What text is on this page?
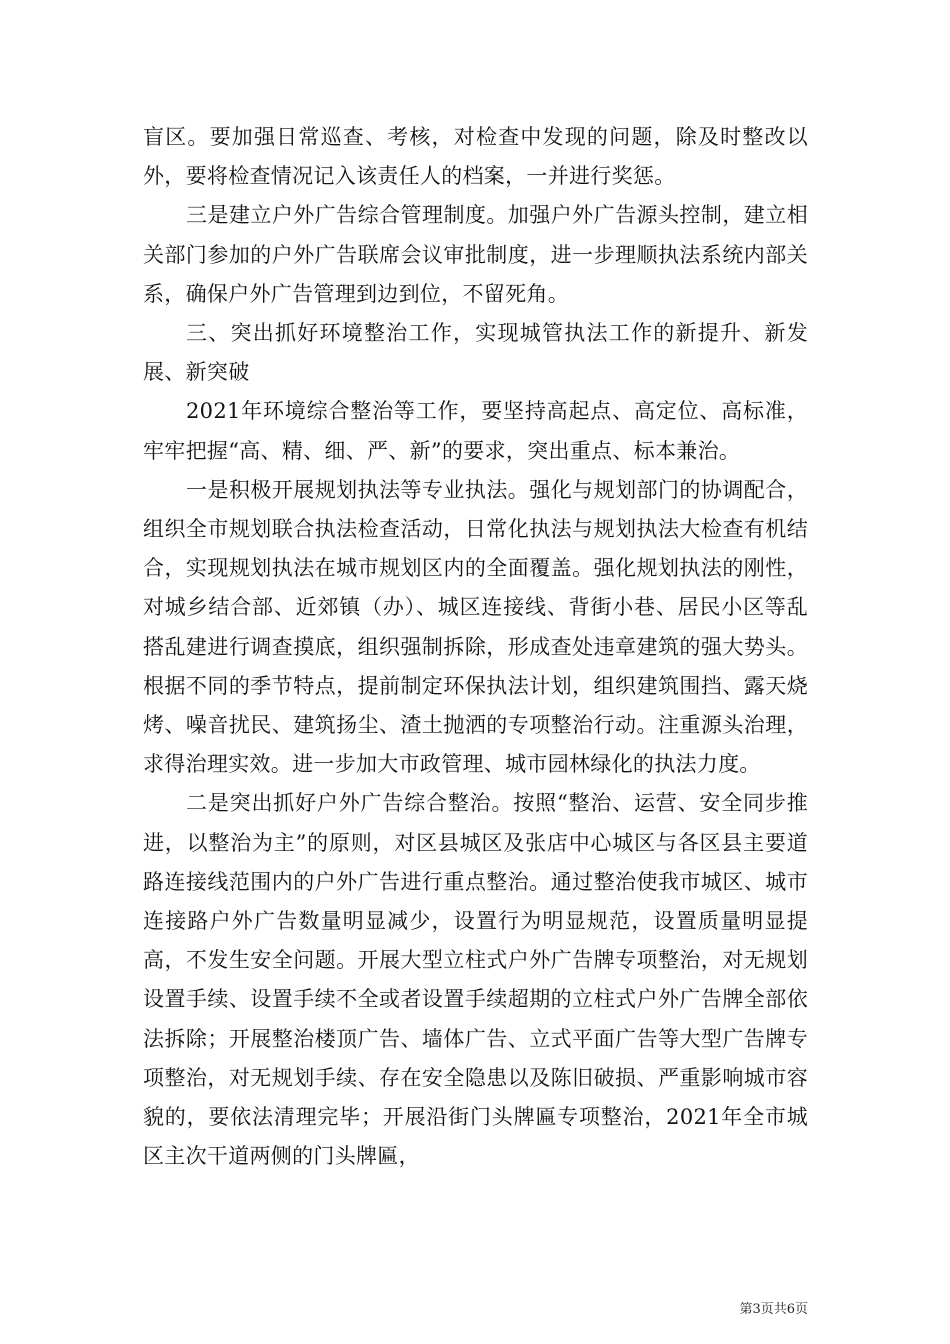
盲区。要加强日常巡查、考核，对检查中发现的问题，除及时整改以外，要将检查情况记入该责任人的档案，一并进行奖惩。

三是建立户外广告综合管理制度。加强户外广告源头控制，建立相关部门参加的户外广告联席会议审批制度，进一步理顺执法系统内部关系，确保户外广告管理到边到位，不留死角。

三、突出抓好环境整治工作，实现城管执法工作的新提升、新发展、新突破

2021年环境综合整治等工作，要坚持高起点、高定位、高标准，牢牢把握“高、精、细、严、新”的要求，突出重点、标本兼治。

一是积极开展规划执法等专业执法。强化与规划部门的协调配合，组织全市规划联合执法检查活动，日常化执法与规划执法大检查有机结合，实现规划执法在城市规划区内的全面覆盖。强化规划执法的刚性，对城乡结合部、近郊镇（办）、城区连接线、背街小巷、居民小区等乱搭乱建进行调查摸底，组织强制拆除，形成查处违章建筑的强大势头。根据不同的季节特点，提前制定环保执法计划，组织建筑围挡、露天烧烤、噪音扰民、建筑扬尘、渣土抛洒的专项整治行动。注重源头治理，求得治理实效。进一步加大市政管理、城市园林绿化的执法力度。

二是突出抓好户外广告综合整治。按照“整治、运营、安全同步推进，以整治为主”的原则，对区县城区及张店中心城区与各区县主要道路连接线范围内的户外广告进行重点整治。通过整治使我市城区、城市连接路户外广告数量明显减少，设置行为明显规范，设置质量明显提高，不发生安全问题。开展大型立柱式户外广告牌专项整治，对无规划设置手续、设置手续不全或者设置手续超期的立柱式户外广告牌全部依法拆除；开展整治楼顶广告、墙体广告、立式平面广告等大型广告牌专项整治，对无规划手续、存在安全隐患以及陈旧破损、严重影响城市容貌的，要依法清理完毕；开展沿街门头牌匾专项整治，2021年全市城区主次干道两侧的门头牌匾，

第3页共6页
